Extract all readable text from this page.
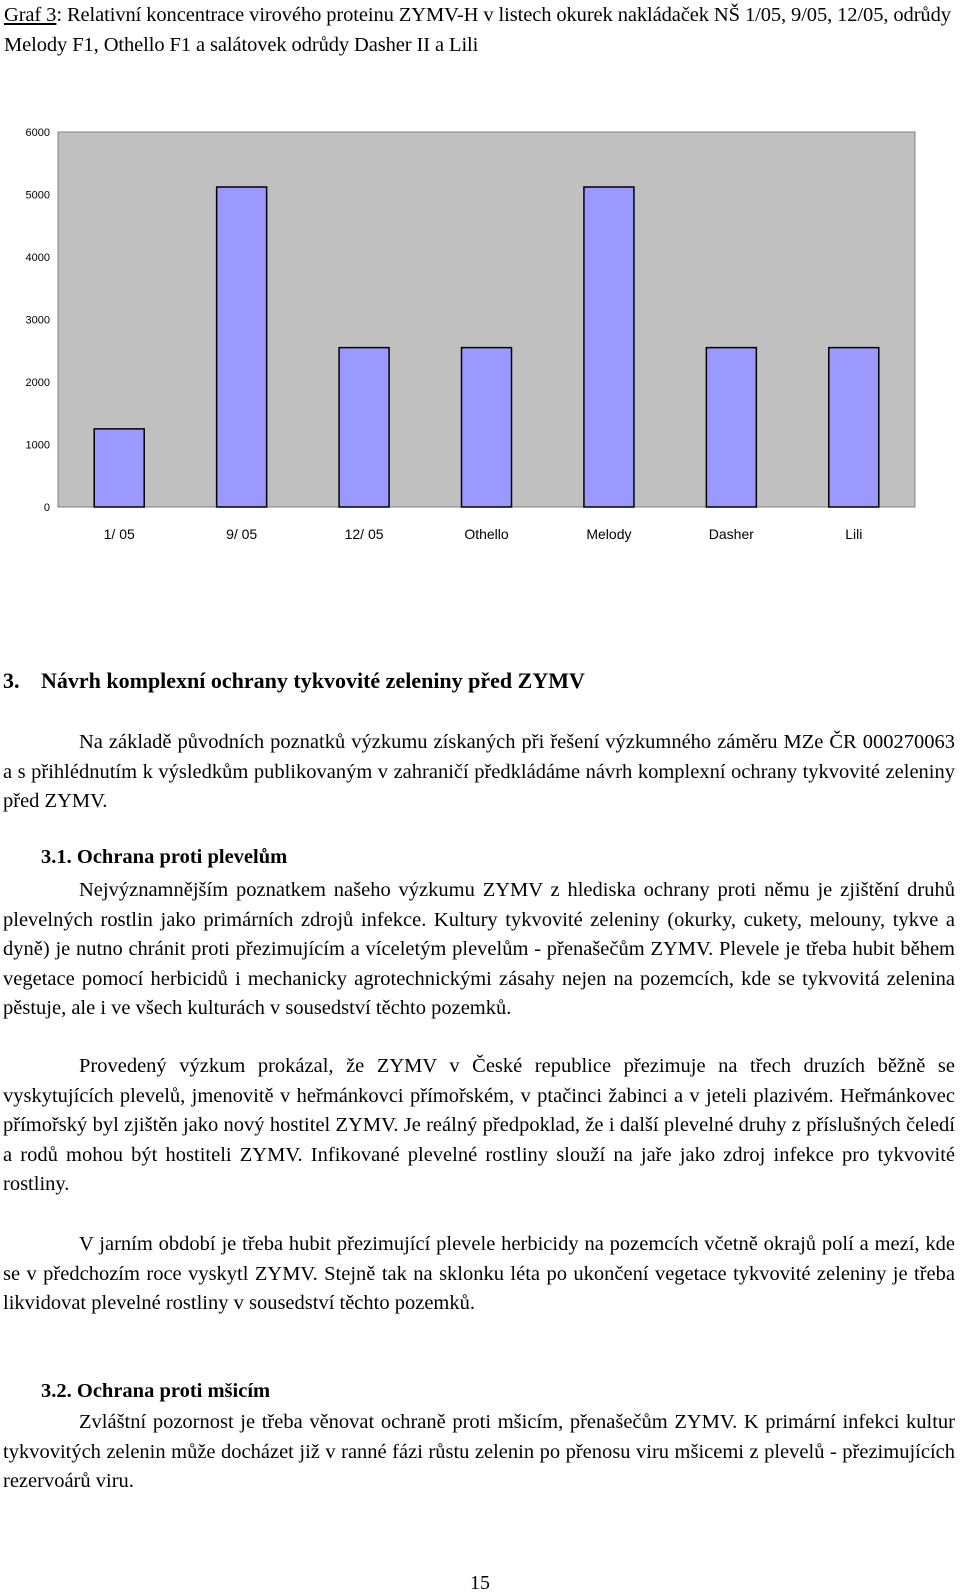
Graf 3: Relativní koncentrace virového proteinu ZYMV-H v listech okurek nakládaček NŠ 1/05, 9/05, 12/05, odrůdy Melody F1, Othello F1 a salátovek odrůdy Dasher II a Lili
0
1000
2000
3000
4000
5000
6000
1/ 05	9/ 05	12/ 05	Othello	Melody	Dasher	Lili
3. Návrh komplexní ochrany tykvovité zeleniny před ZYMV
Na základě původních poznatků výzkumu získaných při řešení výzkumného záměru MZe ČR 000270063 a s přihlédnutím k výsledkům publikovaným v zahraničí předkládáme návrh komplexní ochrany tykvovité zeleniny před ZYMV.
3.1. Ochrana proti plevelům
Nejvýznamnějším poznatkem našeho výzkumu ZYMV z hlediska ochrany proti němu je zjištění druhů plevelných rostlin jako primárních zdrojů infekce. Kultury tykvovité zeleniny (okurky, cukety, melouny, tykve a dyně) je nutno chránit proti přezimujícím a víceletým plevelům - přenašečům ZYMV. Plevele je třeba hubit během vegetace pomocí herbicidů i mechanicky agrotechnickými zásahy nejen na pozemcích, kde se tykvovitá zelenina pěstuje, ale i ve všech kulturách v sousedství těchto pozemků.
Provedený výzkum prokázal, že ZYMV v České republice přezimuje na třech druzích běžně se vyskytujících plevelů, jmenovitě v heřmánkovci přímořském, v ptačinci žabinci a v jeteli plazivém. Heřmánkovec přímořský byl zjištěn jako nový hostitel ZYMV. Je reálný předpoklad, že i další plevelné druhy z příslušných čeledí a rodů mohou být hostiteli ZYMV. Infikované plevelné rostliny slouží na jaře jako zdroj infekce pro tykvovité rostliny.
V jarním období je třeba hubit přezimující plevele herbicidy na pozemcích včetně okrajů polí a mezí, kde se v předchozím roce vyskytl ZYMV. Stejně tak na sklonku léta po ukončení vegetace tykvovité zeleniny je třeba likvidovat plevelné rostliny v sousedství těchto pozemků.
3.2. Ochrana proti mšicím
Zvláštní pozornost je třeba věnovat ochraně proti mšicím, přenašečům ZYMV. K primární infekci kultur tykvovitých zelenin může docházet již v ranné fázi růstu zelenin po přenosu viru mšicemi z plevelů - přezimujících rezervoárů viru.
15
